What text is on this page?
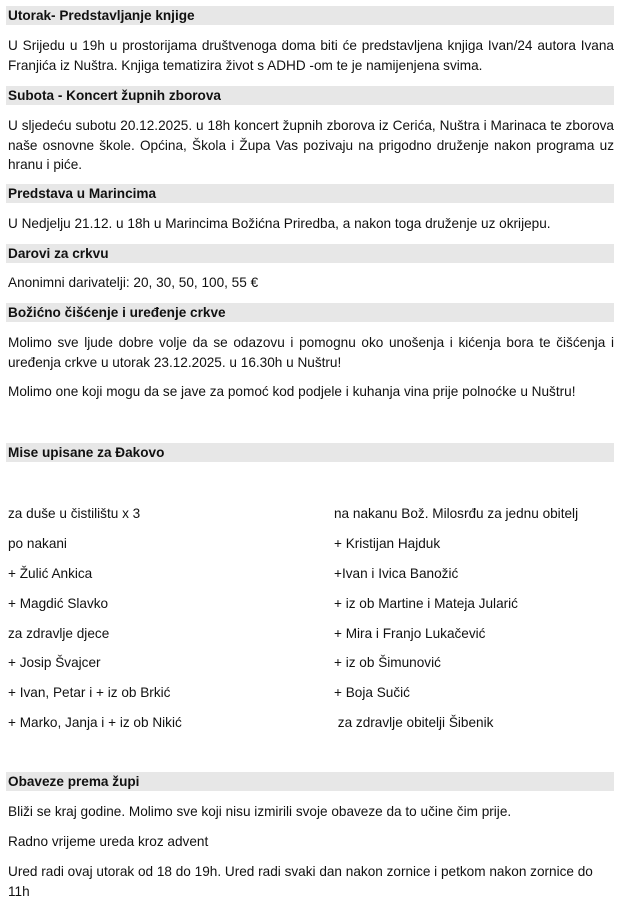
Utorak- Predstavljanje knjige
U Srijedu u 19h u prostorijama društvenoga doma biti će predstavljena knjiga Ivan/24 autora Ivana Franjića iz Nuštra. Knjiga tematizira život s ADHD -om te je namijenjena svima.
Subota - Koncert župnih zborova
U sljedeću subotu 20.12.2025. u 18h koncert župnih zborova iz Cerića, Nuštra i Marinaca te zborova naše osnovne škole. Općina, Škola i Župa Vas pozivaju na prigodno druženje nakon programa uz hranu i piće.
Predstava u Marincima
U Nedjelju 21.12. u 18h u Marincima Božićna Priredba, a nakon toga druženje uz okrijepu.
Darovi za crkvu
Anonimni darivatelji: 20, 30, 50, 100, 55 €
Božićno čišćenje i uređenje crkve
Molimo sve ljude dobre volje da se odazovu i pomognu oko unošenja i kićenja bora te čišćenja i uređenja crkve u utorak 23.12.2025. u 16.30h u Nuštru!
Molimo one koji mogu da se jave za pomoć kod podjele i kuhanja vina prije polnoćke u Nuštru!
Mise upisane za Đakovo
za duše u čistilištu x 3
po nakani
+ Žulić Ankica
+ Magdić Slavko
za zdravlje djece
+ Josip Švajcer
+ Ivan, Petar i + iz ob Brkić
+ Marko, Janja i + iz ob Nikić
na nakanu Bož. Milosrđu za jednu obitelj
+ Kristijan Hajduk
+Ivan i Ivica Banožić
+ iz ob Martine i Mateja Jularić
+ Mira i Franjo Lukačević
+ iz ob Šimunović
+ Boja Sučić
za zdravlje obitelji Šibenik
Obaveze prema župi
Bliži se kraj godine. Molimo sve koji nisu izmirili svoje obaveze da to učine čim prije.
Radno vrijeme ureda kroz advent
Ured radi ovaj utorak od 18 do 19h. Ured radi svaki dan nakon zornice i petkom nakon zornice do 11h
